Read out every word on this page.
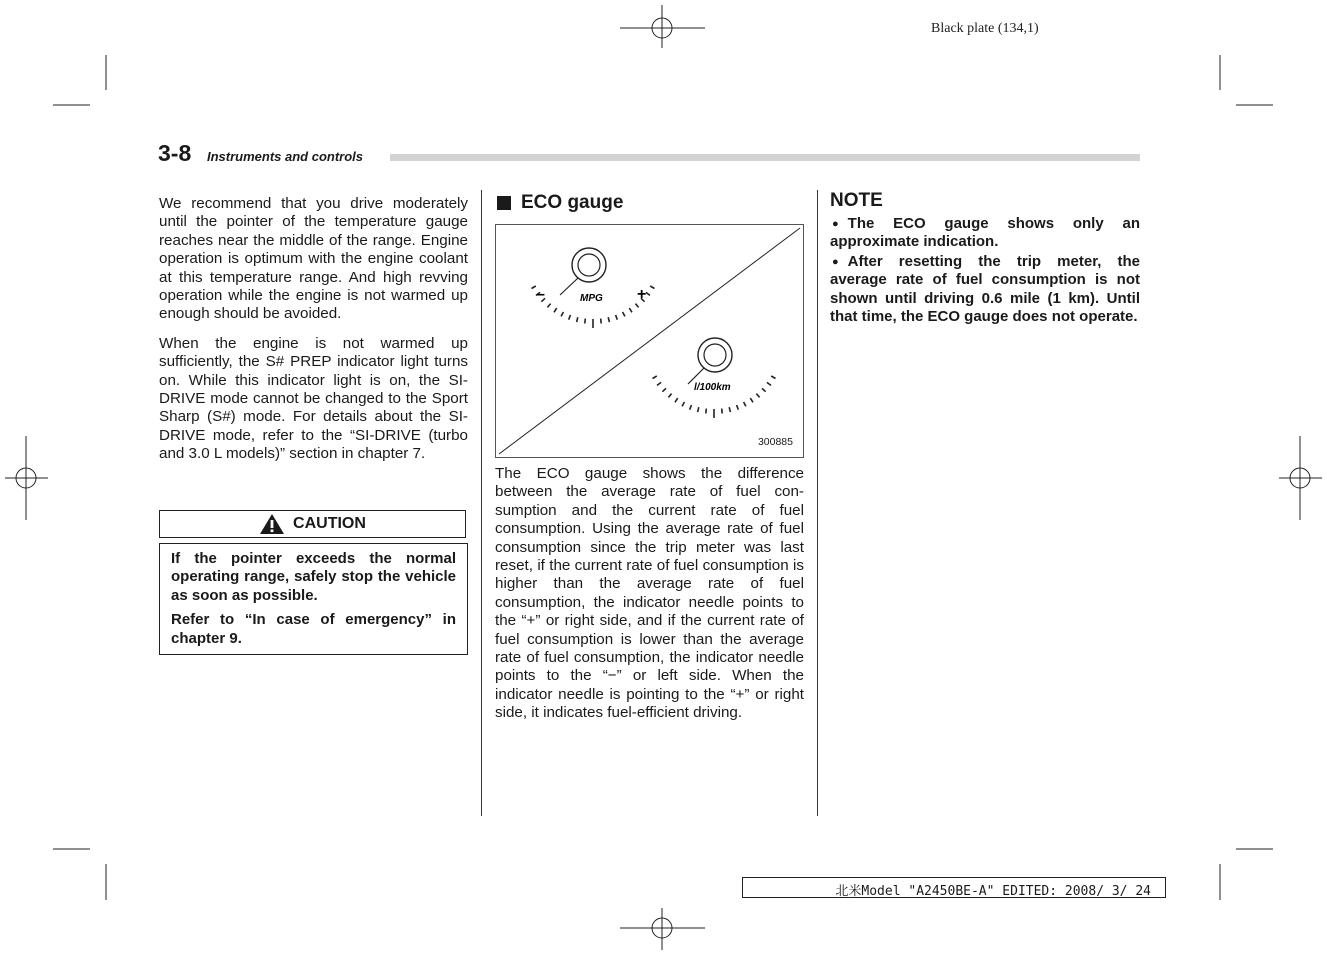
Black plate (134,1)
3-8 Instruments and controls

We recommend that you drive moderately until the pointer of the temperature gauge reaches near the middle of the range. Engine operation is optimum with the engine coolant at this temperature range. And high revving operation while the engine is not warmed up enough should be avoided.

When the engine is not warmed up sufficiently, the S# PREP indicator light turns on. While this indicator light is on, the SI-DRIVE mode cannot be changed to the Sport Sharp (S#) mode. For details about the SI-DRIVE mode, refer to the “SI-DRIVE (turbo and 3.0 L models)” section in chapter 7.

CAUTION

If the pointer exceeds the normal operating range, safely stop the vehicle as soon as possible.

Refer to “In case of emergency” in chapter 9.

ECO gauge
–	+
MPG
l/100km
300885

The ECO gauge shows the difference between the average rate of fuel con-sumption and the current rate of fuel consumption. Using the average rate of fuel consumption since the trip meter was last reset, if the current rate of fuel consumption is higher than the average rate of fuel consumption, the indicator needle points to the “+” or right side, and if the current rate of fuel consumption is lower than the average rate of fuel consumption, the indicator needle points to the “−” or left side. When the indicator needle is pointing to the “+” or right side, it indicates fuel-efficient driving.

NOTE
● The ECO gauge shows only an approximate indication.
● After resetting the trip meter, the average rate of fuel consumption is not shown until driving 0.6 mile (1 km). Until that time, the ECO gauge does not operate.
北米Model "A2450BE-A" EDITED: 2008/ 3/ 24
